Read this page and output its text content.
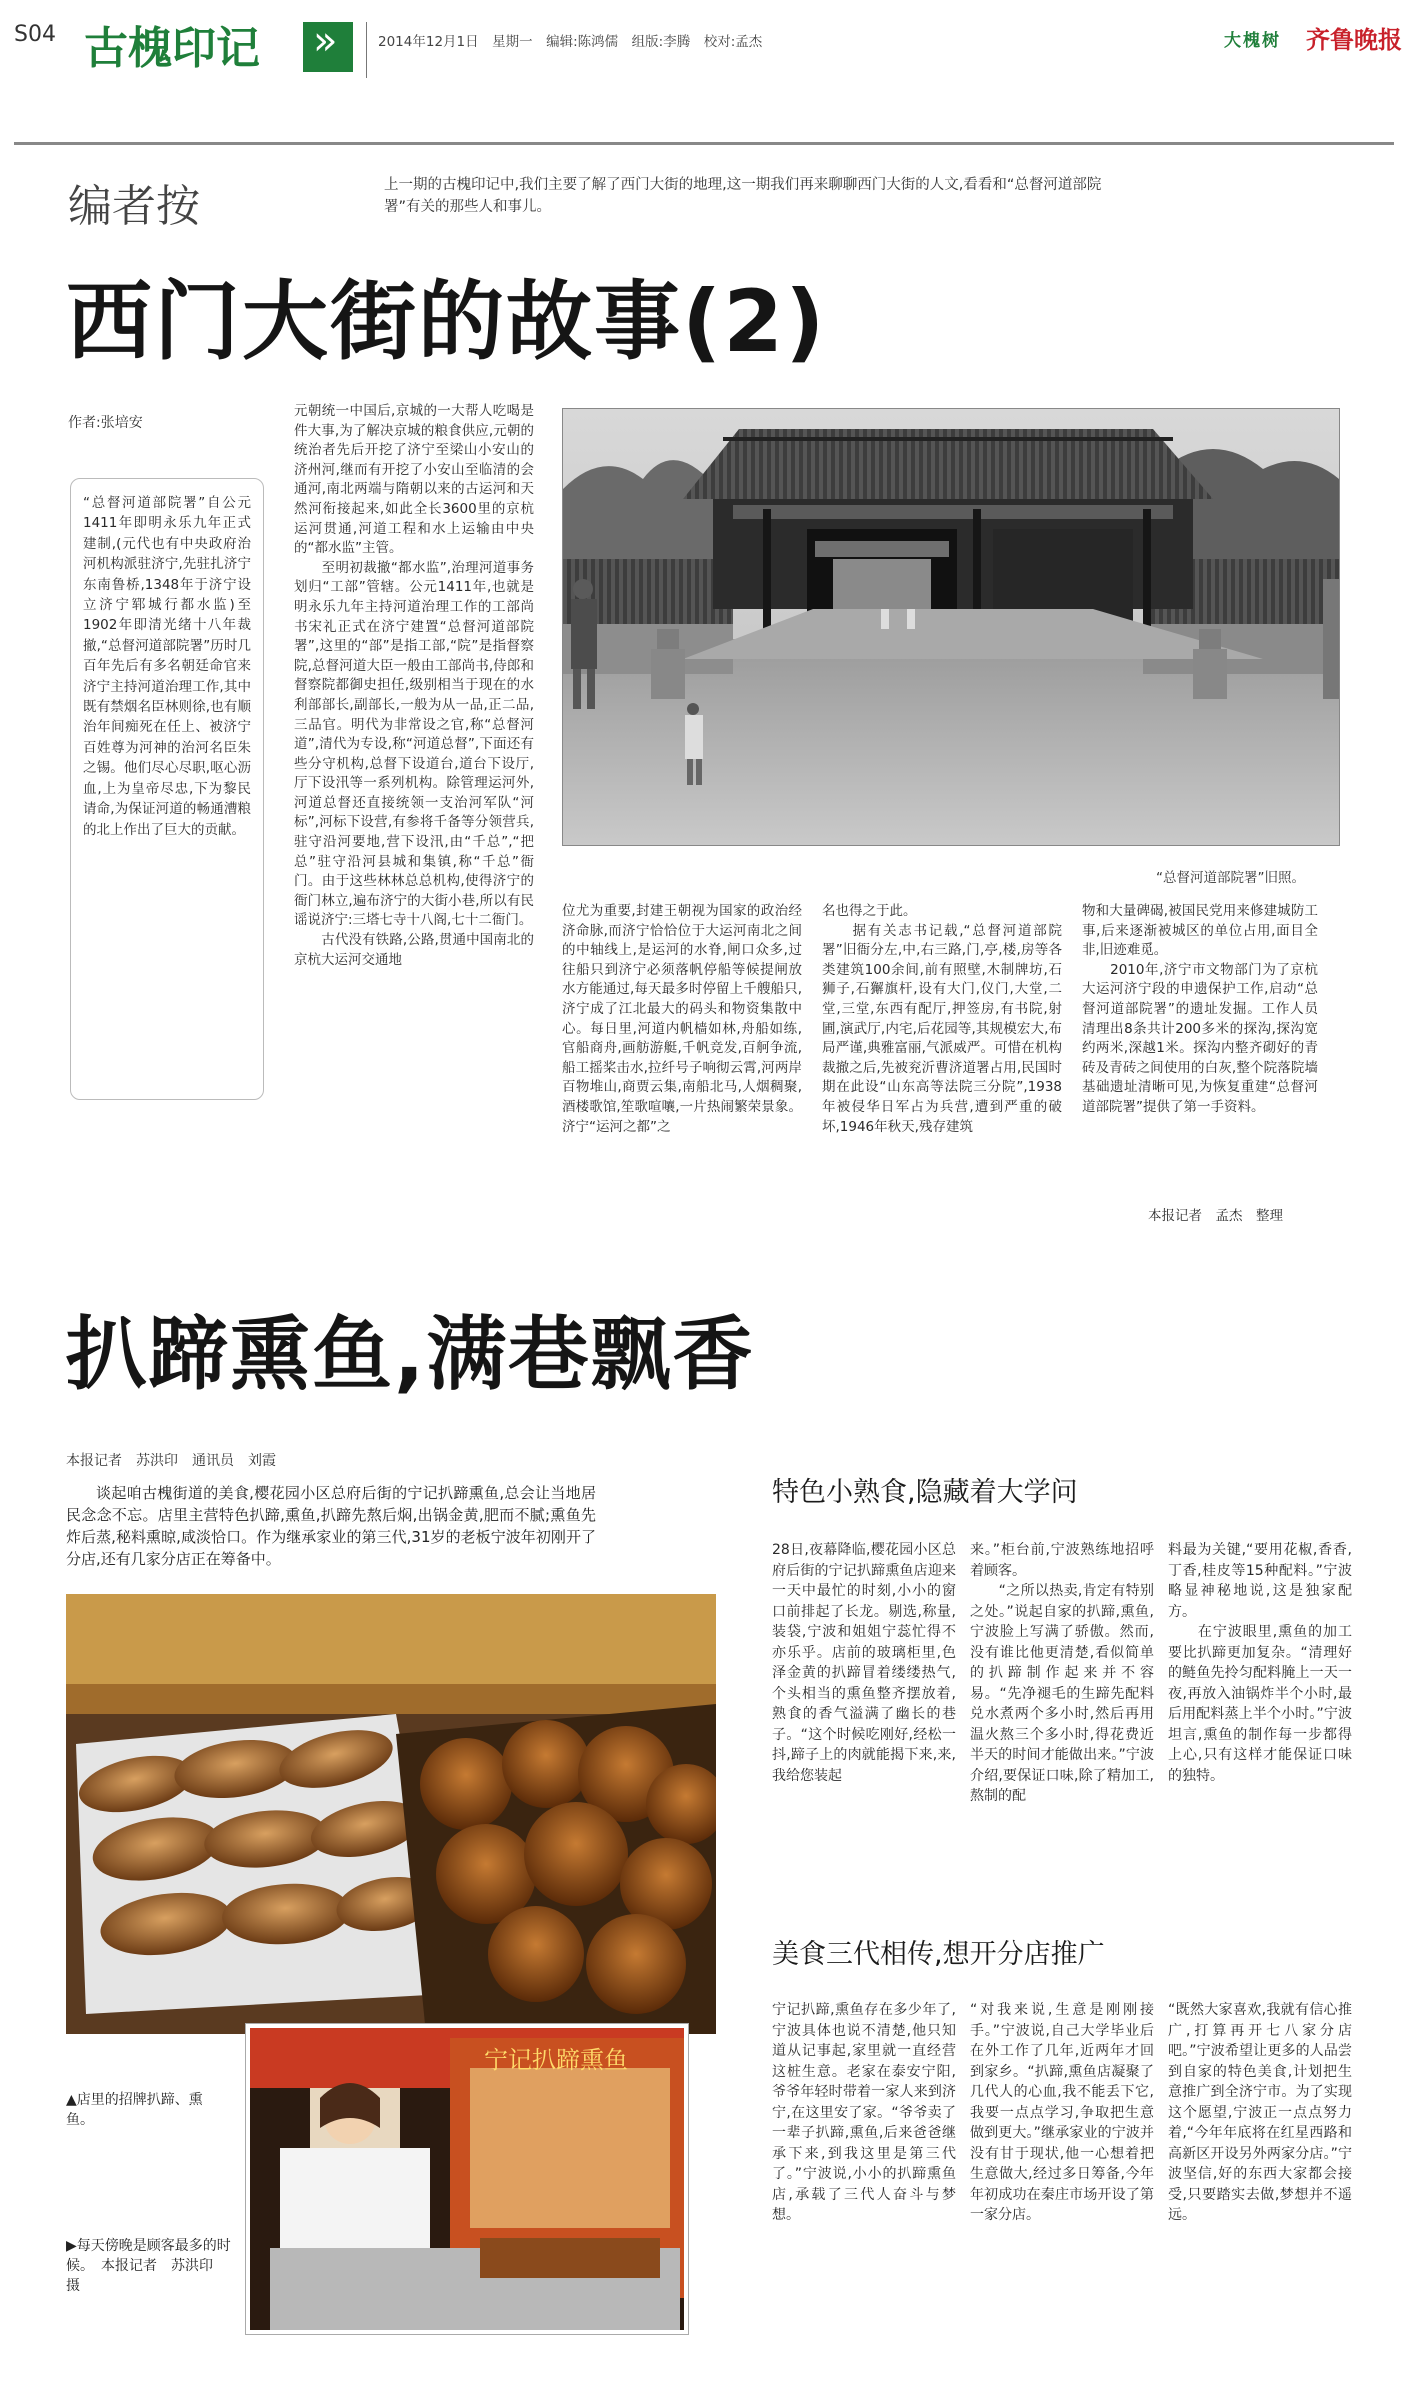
S04 古槐印记
»	2014年12月1日　星期一　编辑:陈鸿儒　组版:李腾　校对:孟杰	大槐树 齐鲁晚报
编者按	上一期的古槐印记中,我们主要了解了西门大街的地理,这一期我们再来聊聊西门大街的人文,看看和“总督河道部院署”有关的那些人和事儿。
西门大街的故事(2)
作者:张培安
“总督河道部院署”自公元1411年即明永乐九年正式建制,(元代也有中央政府治河机构派驻济宁,先驻扎济宁东南鲁桥,1348年于济宁设立济宁郓城行都水监)至1902年即清光绪十八年裁撤,“总督河道部院署”历时几百年先后有多名朝廷命官来济宁主持河道治理工作,其中既有禁烟名臣林则徐,也有顺治年间痴死在任上、被济宁百姓尊为河神的治河名臣朱之锡。他们尽心尽职,呕心沥血,上为皇帝尽忠,下为黎民请命,为保证河道的畅通漕粮的北上作出了巨大的贡献。
元朝统一中国后,京城的一大帮人吃喝是件大事,为了解决京城的粮食供应,元朝的统治者先后开挖了济宁至梁山小安山的济州河,继而有开挖了小安山至临清的会通河,南北两端与隋朝以来的古运河和天然河衔接起来,如此全长3600里的京杭运河贯通,河道工程和水上运输由中央的“都水监”主管。
　　至明初裁撤“都水监”,治理河道事务划归“工部”管辖。公元1411年,也就是明永乐九年主持河道治理工作的工部尚书宋礼正式在济宁建置“总督河道部院署”,这里的“部”是指工部,“院”是指督察院,总督河道大臣一般由工部尚书,侍郎和督察院都御史担任,级别相当于现在的水利部部长,副部长,一般为从一品,正二品,三品官。明代为非常设之官,称“总督河道”,清代为专设,称“河道总督”,下面还有些分守机构,总督下设道台,道台下设厅,厅下设汛等一系列机构。除管理运河外,河道总督还直接统领一支治河军队“河标”,河标下设营,有参将千备等分领营兵,驻守沿河要地,营下设汛,由“千总”,“把总”驻守沿河县城和集镇,称“千总”衙门。由于这些林林总总机构,使得济宁的衙门林立,遍布济宁的大街小巷,所以有民谣说济宁:三塔七寺十八阁,七十二衙门。
　　古代没有铁路,公路,贯通中国南北的京杭大运河交通地
“总督河道部院署”旧照。
位尤为重要,封建王朝视为国家的政治经济命脉,而济宁恰恰位于大运河南北之间的中轴线上,是运河的水脊,闸口众多,过往船只到济宁必须落帆停船等候提闸放水方能通过,每天最多时停留上千艘船只,济宁成了江北最大的码头和物资集散中心。每日里,河道内帆樯如林,舟船如练,官船商舟,画舫游艇,千帆竞发,百舸争流,船工摇桨击水,拉纤号子响彻云霄,河两岸百物堆山,商贾云集,南船北马,人烟稠聚,酒楼歌馆,笙歌喧嚷,一片热闹繁荣景象。济宁“运河之都”之
名也得之于此。
　　据有关志书记载,“总督河道部院署”旧衙分左,中,右三路,门,亭,楼,房等各类建筑100余间,前有照壁,木制牌坊,石狮子,石獬旗杆,设有大门,仪门,大堂,二堂,三堂,东西有配厅,押签房,有书院,射圃,演武厅,内宅,后花园等,其规模宏大,布局严谨,典雅富丽,气派威严。可惜在机构裁撤之后,先被兖沂曹济道署占用,民国时期在此设“山东高等法院三分院”,1938年被侵华日军占为兵营,遭到严重的破坏,1946年秋天,残存建筑
物和大量碑碣,被国民党用来修建城防工事,后来逐渐被城区的单位占用,面目全非,旧迹难觅。
　　2010年,济宁市文物部门为了京杭大运河济宁段的申遗保护工作,启动“总督河道部院署”的遗址发掘。工作人员清理出8条共计200多米的探沟,探沟宽约两米,深越1米。探沟内整齐砌好的青砖及青砖之间使用的白灰,整个院落院墙基础遗址清晰可见,为恢复重建“总督河道部院署”提供了第一手资料。
本报记者　孟杰　整理
扒蹄熏鱼,满巷飘香
本报记者　苏洪印　通讯员　刘霞
谈起咱古槐街道的美食,樱花园小区总府后街的宁记扒蹄熏鱼,总会让当地居民念念不忘。店里主营特色扒蹄,熏鱼,扒蹄先熬后焖,出锅金黄,肥而不腻;熏鱼先炸后蒸,秘料熏晾,咸淡恰口。作为继承家业的第三代,31岁的老板宁波年初刚开了分店,还有几家分店正在筹备中。
宁记扒蹄熏鱼
▲店里的招牌扒蹄、熏鱼。
▶每天傍晚是顾客最多的时候。　本报记者　苏洪印　摄
特色小熟食,隐藏着大学问
28日,夜幕降临,樱花园小区总府后街的宁记扒蹄熏鱼店迎来一天中最忙的时刻,小小的窗口前排起了长龙。剔选,称量,装袋,宁波和姐姐宁蕊忙得不亦乐乎。店前的玻璃柜里,色泽金黄的扒蹄冒着缕缕热气,个头相当的熏鱼整齐摆放着,熟食的香气溢满了幽长的巷子。“这个时候吃刚好,经松一抖,蹄子上的肉就能揭下来,来,我给您装起
来。”柜台前,宁波熟练地招呼着顾客。
　　“之所以热卖,肯定有特别之处。”说起自家的扒蹄,熏鱼,宁波脸上写满了骄傲。然而,没有谁比他更清楚,看似简单的扒蹄制作起来并不容易。“先净褪毛的生蹄先配料兑水煮两个多小时,然后再用温火熬三个多小时,得花费近半天的时间才能做出来。”宁波介绍,要保证口味,除了精加工,熬制的配
料最为关键,“要用花椒,香香,丁香,桂皮等15种配料。”宁波略显神秘地说,这是独家配方。
　　在宁波眼里,熏鱼的加工要比扒蹄更加复杂。“清理好的鲢鱼先拎匀配料腌上一天一夜,再放入油锅炸半个小时,最后用配料蒸上半个小时。”宁波坦言,熏鱼的制作每一步都得上心,只有这样才能保证口味的独特。
美食三代相传,想开分店推广
宁记扒蹄,熏鱼存在多少年了,宁波具体也说不清楚,他只知道从记事起,家里就一直经营这桩生意。老家在泰安宁阳,爷爷年轻时带着一家人来到济宁,在这里安了家。“爷爷卖了一辈子扒蹄,熏鱼,后来爸爸继承下来,到我这里是第三代了。”宁波说,小小的扒蹄熏鱼店,承载了三代人奋斗与梦想。
“对我来说,生意是刚刚接手。”宁波说,自己大学毕业后在外工作了几年,近两年才回到家乡。“扒蹄,熏鱼店凝聚了几代人的心血,我不能丢下它,我要一点点学习,争取把生意做到更大。”继承家业的宁波并没有甘于现状,他一心想着把生意做大,经过多日筹备,今年年初成功在秦庄市场开设了第一家分店。
“既然大家喜欢,我就有信心推广,打算再开七八家分店吧。”宁波希望让更多的人品尝到自家的特色美食,计划把生意推广到全济宁市。为了实现这个愿望,宁波正一点点努力着,“今年年底将在红星西路和高新区开设另外两家分店。”宁波坚信,好的东西大家都会接受,只要踏实去做,梦想并不遥远。
